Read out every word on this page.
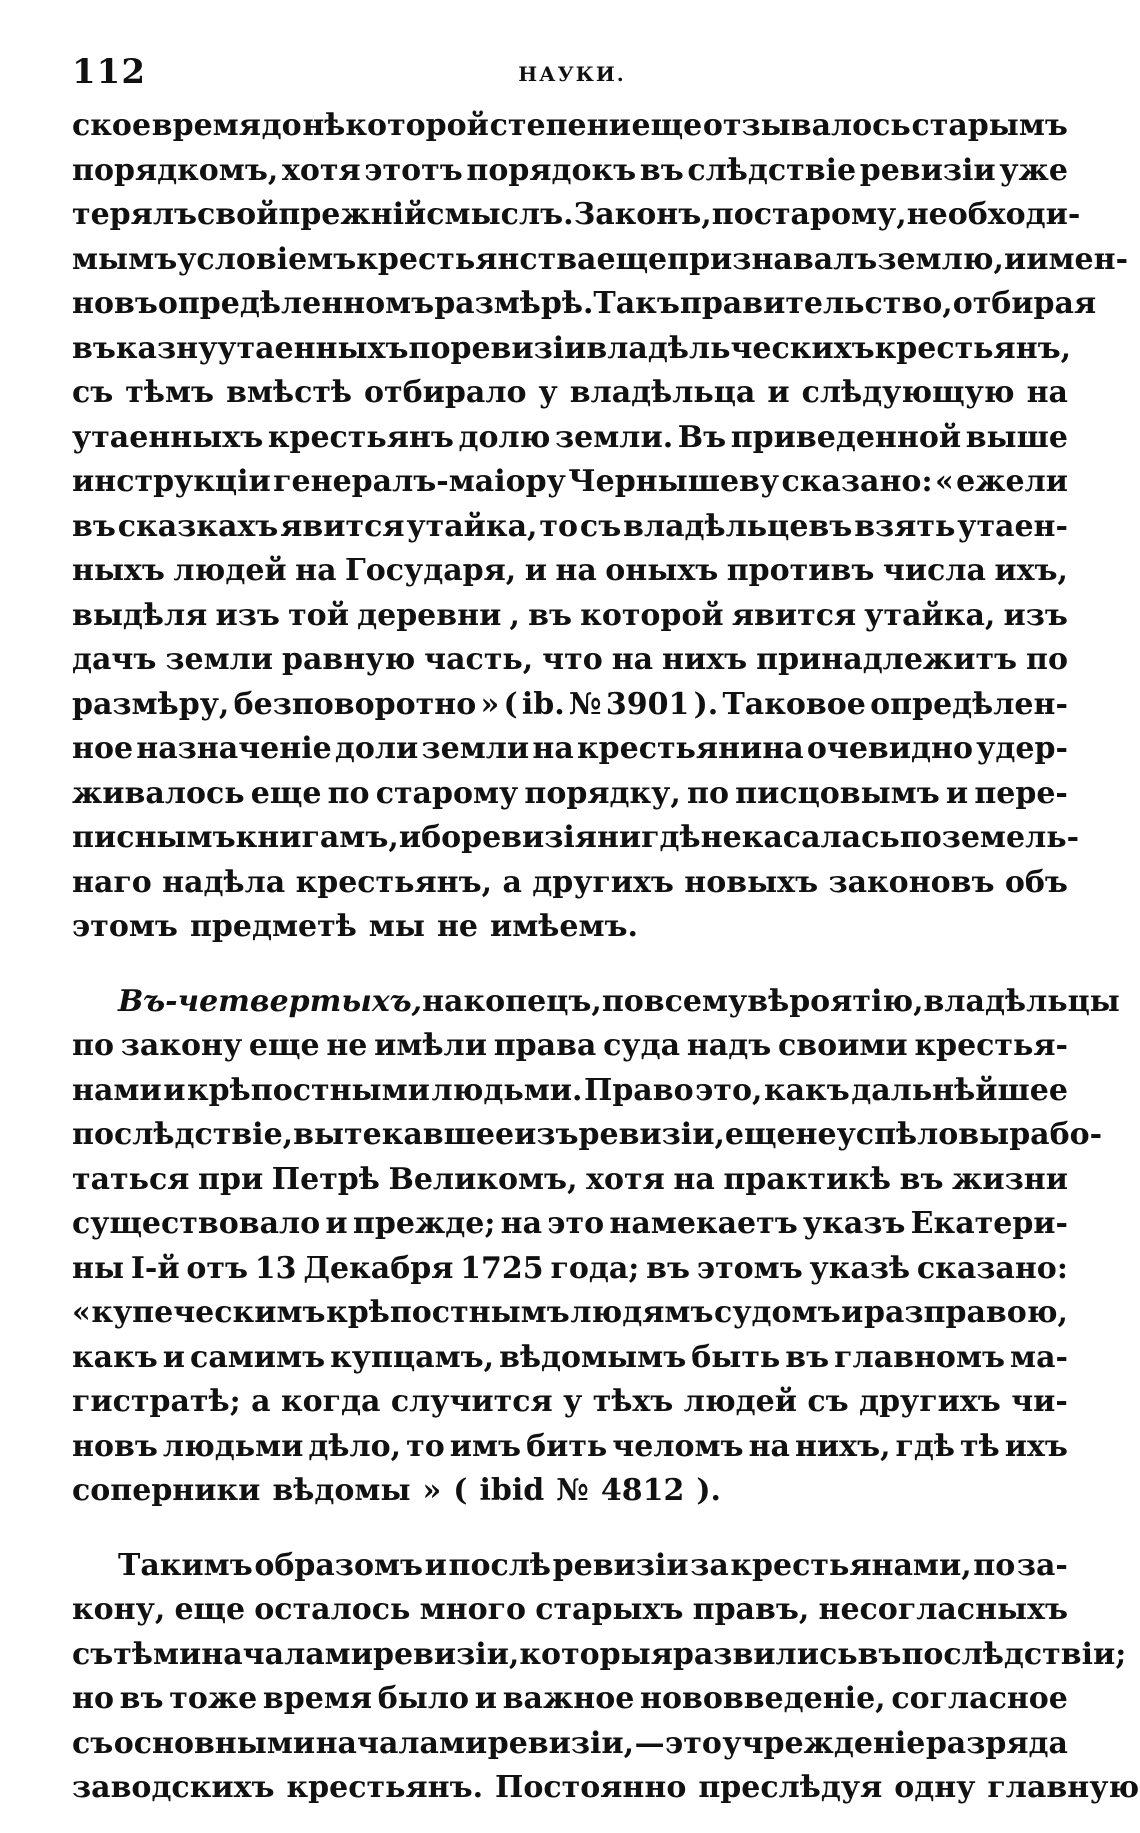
112	НАУКИ.
ское время до нѣкоторой степени еще отзывалось старымъ
порядкомъ, хотя этотъ порядокъ въ слѣдствіе ревизіи уже
терялъ свой прежній смыслъ. Законъ, по старому, необходи-
мымъ условіемъ крестьянства еще признавалъ землю, и имен-
но въ опредѣленномъ размѣрѣ. Такъ правительство, отбирая
въ казну утаенныхъ по ревизіи владѣльческихъ крестьянъ,
съ тѣмъ вмѣстѣ отбирало у владѣльца и слѣдующую на
утаенныхъ крестьянъ долю земли. Въ приведенной выше
инструкціи генералъ-маіору Чернышеву сказано: « ежели
въ сказкахъ явится утайка, то съ владѣльцевъ взять утаен-
ныхъ людей на Государя, и на оныхъ противъ числа ихъ,
выдѣля изъ той деревни , въ которой явится утайка, изъ
дачъ земли равную часть, что на нихъ принадлежитъ по
размѣру, безповоротно » ( ib. № 3901 ). Таковое опредѣлен-
ное назначеніе доли земли на крестьянина очевидно удер-
живалось еще по старому порядку, по писцовымъ и пере-
писнымъ книгамъ, ибо ревизія нигдѣ не касалась поземель-
наго надѣла крестьянъ, а другихъ новыхъ законовъ объ
этомъ предметѣ мы не имѣемъ.
Въ-четвертыхъ, накопецъ, по всему вѣроятію, владѣльцы
по закону еще не имѣли права суда надъ своими крестья-
нами и крѣпостными людьми. Право это, какъ дальнѣйшее
послѣдствіе, вытекавшее изъ ревизіи, еще не успѣло вырабо-
таться при Петрѣ Великомъ, хотя на практикѣ въ жизни
существовало и прежде; на это намекаетъ указъ Екатери-
ны І-й отъ 13 Декабря 1725 года; въ этомъ указѣ сказано:
« купеческимъ крѣпостнымъ людямъ судомъ и разправою,
какъ и самимъ купцамъ, вѣдомымъ быть въ главномъ ма-
гистратѣ; а когда случится у тѣхъ людей съ другихъ чи-
новъ людьми дѣло, то имъ бить челомъ на нихъ, гдѣ тѣ ихъ
соперники вѣдомы » ( ibid № 4812 ).
Такимъ образомъ и послѣ ревизіи за крестьянами, по за-
кону, еще осталось много старыхъ правъ, несогласныхъ
съ тѣми началами ревизіи, которыя развились въ послѣдствіи;
но въ тоже время было и важное нововведеніе, согласное
съ основными началами ревизіи, — это учрежденіе разряда
заводскихъ крестьянъ. Постоянно преслѣдуя одну главную
